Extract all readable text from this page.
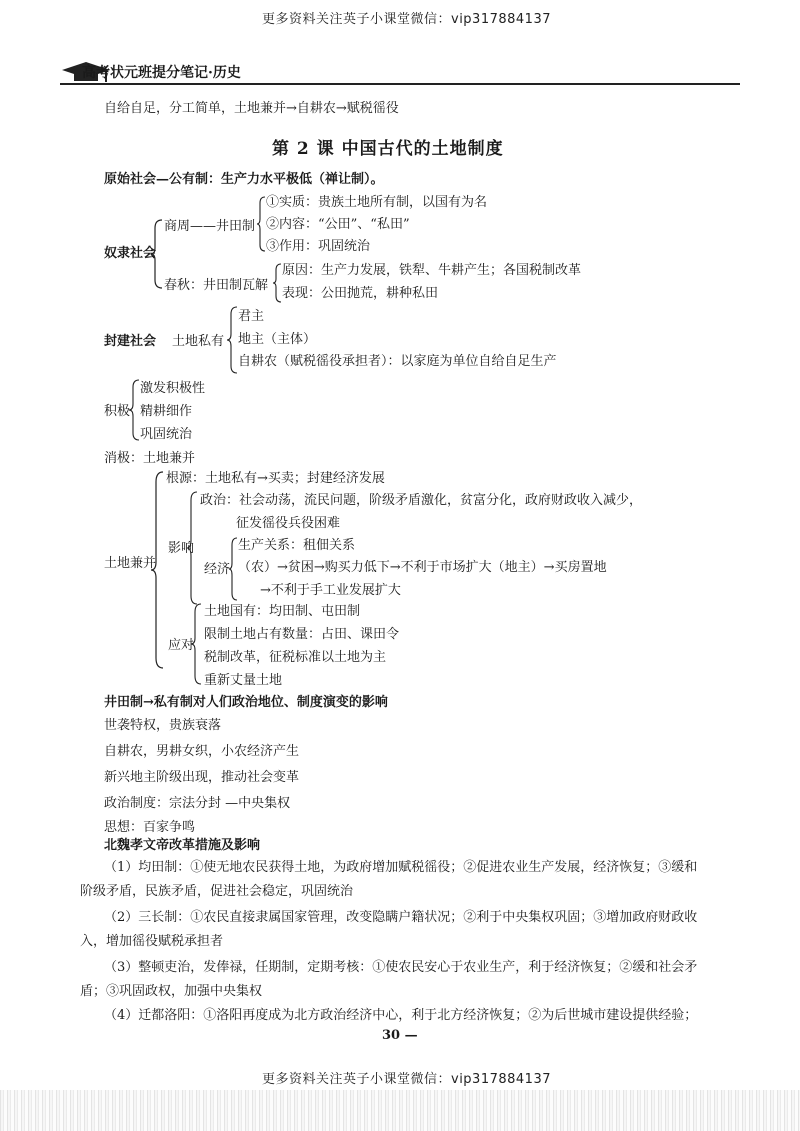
更多资料关注英子小课堂微信：vip317884137
高考状元班提分笔记·历史
自给自足，分工简单，土地兼并→自耕农→赋税徭役
第 2 课 中国古代的土地制度
原始社会—公有制：生产力水平极低（禅让制）。
奴隶社会
商周——井田制
①实质：贵族土地所有制，以国有为名
②内容：“公田”、“私田”
③作用：巩固统治
春秋：井田制瓦解
原因：生产力发展，铁犁、牛耕产生；各国税制改革
表现：公田抛荒，耕种私田
封建社会 土地私有
君主
地主（主体）
自耕农（赋税徭役承担者）：以家庭为单位自给自足生产
积极
激发积极性
精耕细作
巩固统治
消极：土地兼并
土地兼并
根源：土地私有→买卖；封建经济发展
影响
政治：社会动荡，流民问题，阶级矛盾激化，贫富分化，政府财政收入减少，
征发徭役兵役困难
经济
生产关系：租佃关系
（农）→贫困→购买力低下→不利于市场扩大（地主）→买房置地
→不利于手工业发展扩大
应对
土地国有：均田制、屯田制
限制土地占有数量：占田、课田令
税制改革，征税标准以土地为主
重新丈量土地
井田制→私有制对人们政治地位、制度演变的影响
世袭特权，贵族衰落
自耕农，男耕女织，小农经济产生
新兴地主阶级出现，推动社会变革
政治制度：宗法分封 —中央集权
思想：百家争鸣
北魏孝文帝改革措施及影响
（1）均田制：①使无地农民获得土地，为政府增加赋税徭役；②促进农业生产发展，经济恢复；③缓和
阶级矛盾，民族矛盾，促进社会稳定，巩固统治
（2）三长制：①农民直接隶属国家管理，改变隐瞒户籍状况；②利于中央集权巩固；③增加政府财政收
入，增加徭役赋税承担者
（3）整顿吏治，发俸禄，任期制，定期考核：①使农民安心于农业生产，利于经济恢复；②缓和社会矛
盾；③巩固政权，加强中央集权
（4）迁都洛阳：①洛阳再度成为北方政治经济中心，利于北方经济恢复；②为后世城市建设提供经验；
30 —
更多资料关注英子小课堂微信：vip317884137
